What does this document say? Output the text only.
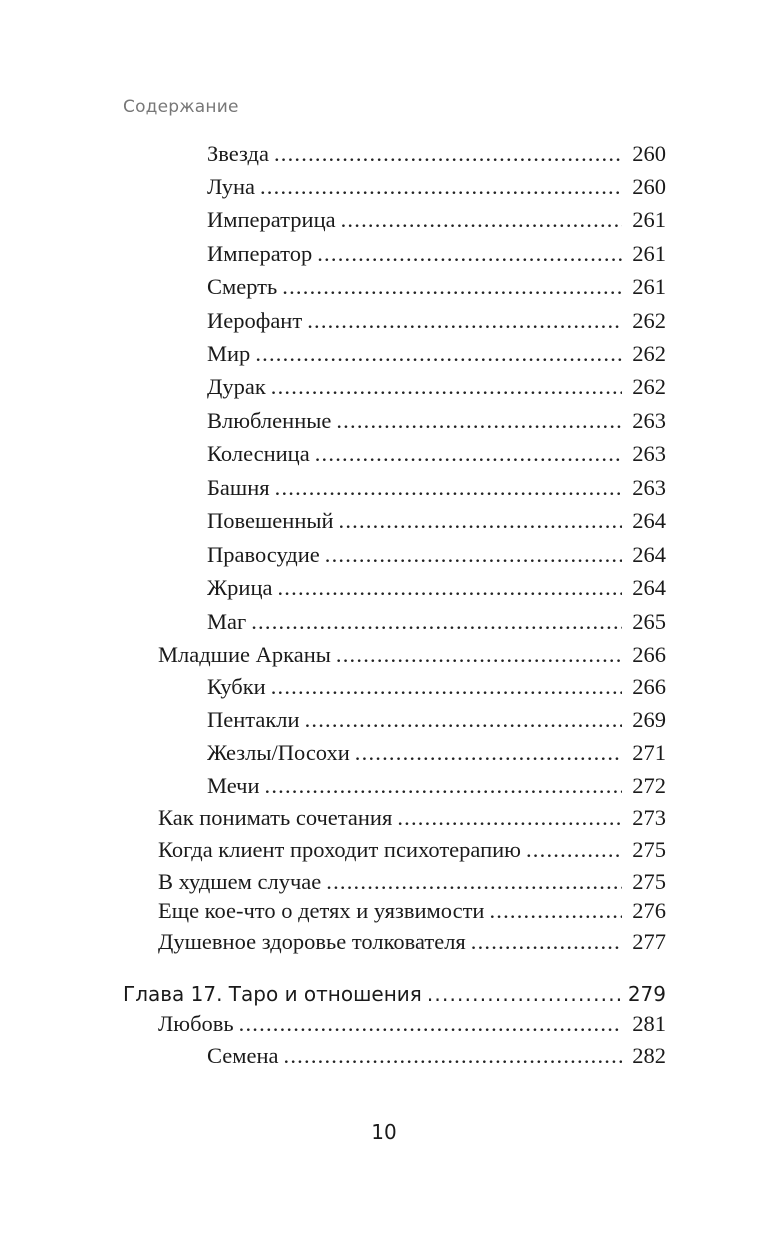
Содержание
Звезда .....	260
Луна .....	260
Императрица .....	261
Император .....	261
Смерть .....	261
Иерофант .....	262
Мир .....	262
Дурак .....	262
Влюбленные .....	263
Колесница .....	263
Башня .....	263
Повешенный .....	264
Правосудие .....	264
Жрица .....	264
Маг .....	265
Младшие Арканы .....	266
Кубки .....	266
Пентакли .....	269
Жезлы/Посохи .....	271
Мечи .....	272
Как понимать сочетания .....	273
Когда клиент проходит психотерапию .....	275
В худшем случае .....	275
Еще кое-что о детях и уязвимости .....	276
Душевное здоровье толкователя .....	277
Глава 17. Таро и отношения .....	279
Любовь .....	281
Семена .....	282
10
